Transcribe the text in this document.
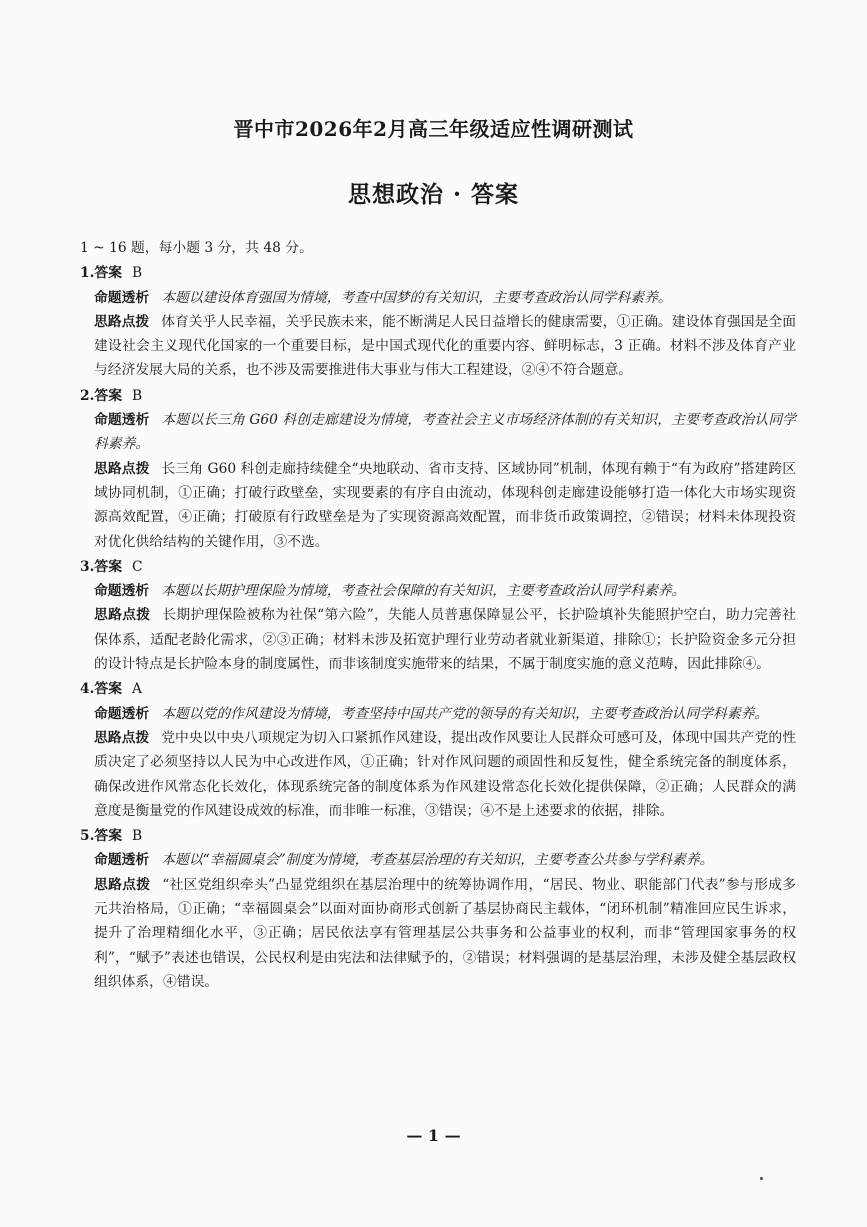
晋中市2026年2月高三年级适应性调研测试
思想政治 · 答案

1 ~ 16 题，每小题 3 分，共 48 分。

1.答案 B

命题透析 本题以建设体育强国为情境，考查中国梦的有关知识，主要考查政治认同学科素养。

思路点拨 体育关乎人民幸福，关乎民族未来，能不断满足人民日益增长的健康需要，①正确。建设体育强国是全面建设社会主义现代化国家的一个重要目标，是中国式现代化的重要内容、鲜明标志，3 正确。材料不涉及体育产业与经济发展大局的关系，也不涉及需要推进伟大事业与伟大工程建设，②④不符合题意。

2.答案 B

命题透析 本题以长三角 G60 科创走廊建设为情境，考查社会主义市场经济体制的有关知识，主要考查政治认同学科素养。

思路点拨 长三角 G60 科创走廊持续健全“央地联动、省市支持、区域协同”机制，体现有赖于“有为政府”搭建跨区域协同机制，①正确；打破行政壁垒，实现要素的有序自由流动，体现科创走廊建设能够打造一体化大市场实现资源高效配置，④正确；打破原有行政壁垒是为了实现资源高效配置，而非货币政策调控，②错误；材料未体现投资对优化供给结构的关键作用，③不选。

3.答案 C

命题透析 本题以长期护理保险为情境，考查社会保障的有关知识，主要考查政治认同学科素养。

思路点拨 长期护理保险被称为社保“第六险”，失能人员普惠保障显公平，长护险填补失能照护空白，助力完善社保体系，适配老龄化需求，②③正确；材料未涉及拓宽护理行业劳动者就业新渠道，排除①；长护险资金多元分担的设计特点是长护险本身的制度属性，而非该制度实施带来的结果，不属于制度实施的意义范畴，因此排除④。

4.答案 A

命题透析 本题以党的作风建设为情境，考查坚持中国共产党的领导的有关知识，主要考查政治认同学科素养。

思路点拨 党中央以中央八项规定为切入口紧抓作风建设，提出改作风要让人民群众可感可及，体现中国共产党的性质决定了必须坚持以人民为中心改进作风，①正确；针对作风问题的顽固性和反复性，健全系统完备的制度体系，确保改进作风常态化长效化，体现系统完备的制度体系为作风建设常态化长效化提供保障，②正确；人民群众的满意度是衡量党的作风建设成效的标准，而非唯一标准，③错误；④不是上述要求的依据，排除。

5.答案 B

命题透析 本题以“幸福圆桌会”制度为情境，考查基层治理的有关知识，主要考查公共参与学科素养。

思路点拨 “社区党组织牵头”凸显党组织在基层治理中的统筹协调作用，“居民、物业、职能部门代表”参与形成多元共治格局，①正确；“幸福圆桌会”以面对面协商形式创新了基层协商民主载体，“闭环机制”精准回应民生诉求，提升了治理精细化水平，③正确；居民依法享有管理基层公共事务和公益事业的权利，而非“管理国家事务的权利”，“赋予”表述也错误，公民权利是由宪法和法律赋予的，②错误；材料强调的是基层治理，未涉及健全基层政权组织体系，④错误。

— 1 —
